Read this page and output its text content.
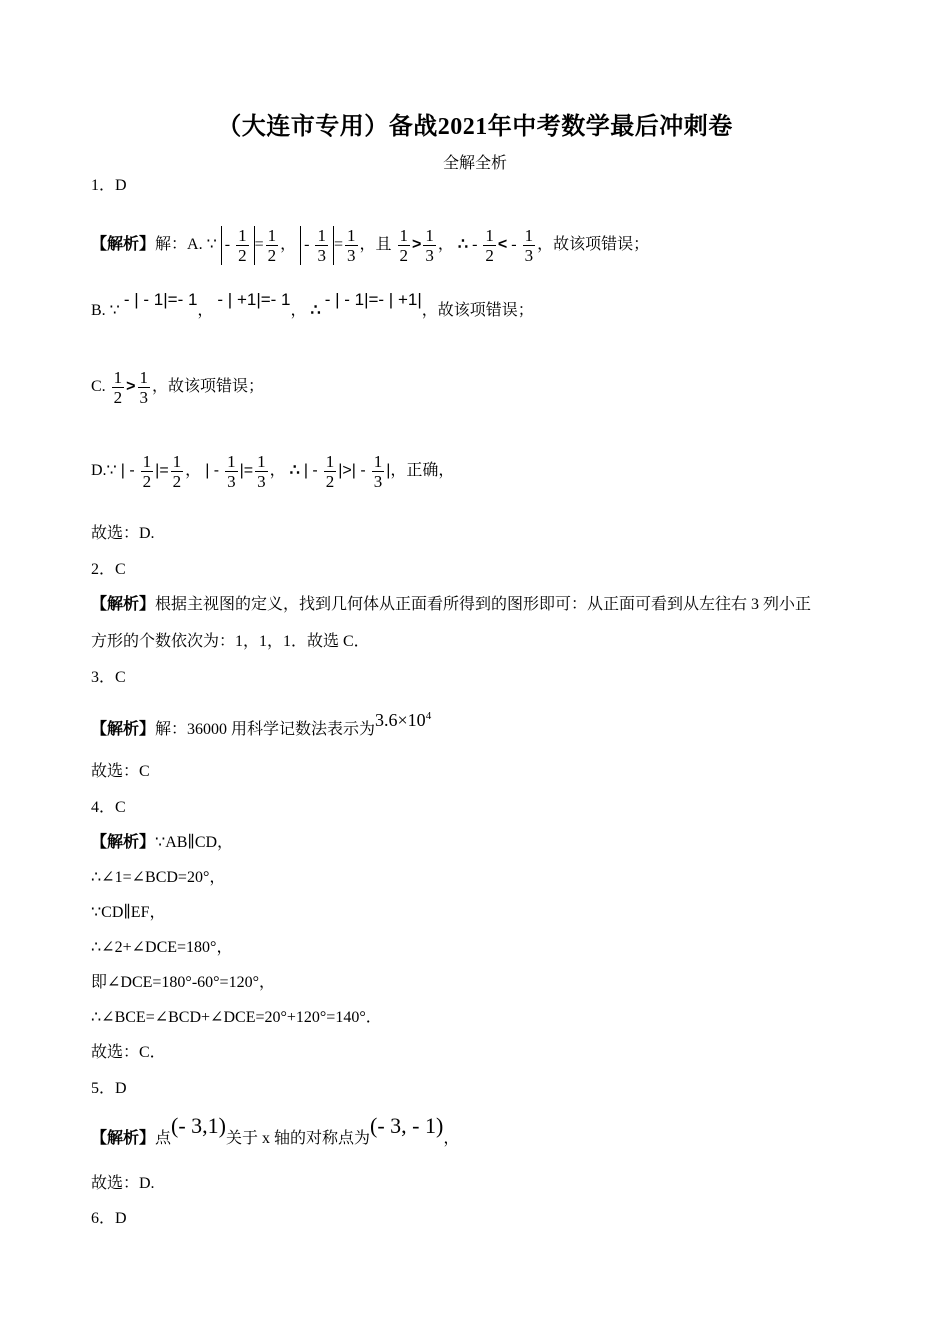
（大连市专用）备战2021年中考数学最后冲刺卷
全解全析
1．D
【解析】解：A. ∵ - $\frac{1}{2} = \frac{1}{2}$ ， - $\frac{1}{3} = \frac{1}{3}$ ，且 $\frac{1}{2} > \frac{1}{3}$ ， ∴ - $\frac{1}{2}$ < - $\frac{1}{3}$ ，故该项错误；
B. ∵ - | - 1|=- 1， - | +1|=- 1， ∴ - | - 1|=- | +1|，故该项错误；
C. $\frac{1}{2} > \frac{1}{3}$ ，故该项错误；
D.∵ | - $\frac{1}{2}$ |= $\frac{1}{2}$ ， | - $\frac{1}{3}$ |= $\frac{1}{3}$ ， ∴ | - $\frac{1}{2}$ |>| - $\frac{1}{3}$ |，正确，
故选：D.
2．C
【解析】根据主视图的定义，找到几何体从正面看所得到的图形即可：从正面可看到从左往右 3 列小正
方形的个数依次为：1，1，1．故选 C．
3．C
【解析】解：36000 用科学记数法表示为$3.6\times 10^4$
故选：C
4．C
【解析】∵AB∥CD，
∴∠1=∠BCD=20°，
∵CD∥EF，
∴∠2+∠DCE=180°，
即∠DCE=180°-60°=120°，
∴∠BCE=∠BCD+∠DCE=20°+120°=140°．
故选：C．
5．D
【解析】点(- 3,1)关于 x 轴的对称点为(- 3, - 1)，
故选：D.
6．D
